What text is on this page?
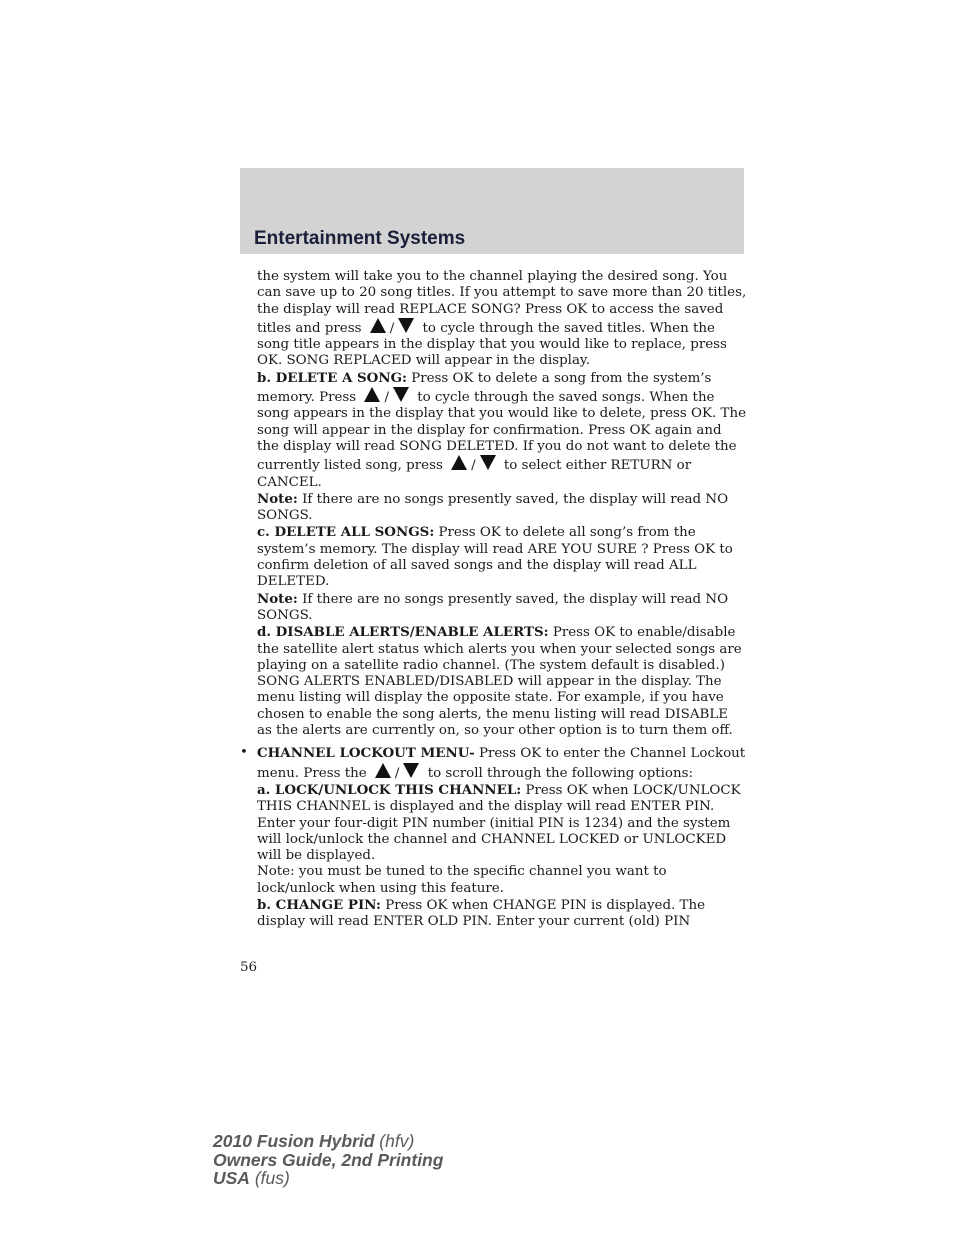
Entertainment Systems

the system will take you to the channel playing the desired song. You can save up to 20 song titles. If you attempt to save more than 20 titles, the display will read REPLACE SONG? Press OK to access the saved titles and press / to cycle through the saved titles. When the song title appears in the display that you would like to replace, press OK. SONG REPLACED will appear in the display.

b. DELETE A SONG: Press OK to delete a song from the system’s memory. Press / to cycle through the saved songs. When the song appears in the display that you would like to delete, press OK. The song will appear in the display for confirmation. Press OK again and the display will read SONG DELETED. If you do not want to delete the currently listed song, press / to select either RETURN or CANCEL.

Note: If there are no songs presently saved, the display will read NO SONGS.

c. DELETE ALL SONGS: Press OK to delete all song’s from the system’s memory. The display will read ARE YOU SURE ? Press OK to confirm deletion of all saved songs and the display will read ALL DELETED.

Note: If there are no songs presently saved, the display will read NO SONGS.

d. DISABLE ALERTS/ENABLE ALERTS: Press OK to enable/disable the satellite alert status which alerts you when your selected songs are playing on a satellite radio channel. (The system default is disabled.) SONG ALERTS ENABLED/DISABLED will appear in the display. The menu listing will display the opposite state. For example, if you have chosen to enable the song alerts, the menu listing will read DISABLE as the alerts are currently on, so your other option is to turn them off.

• CHANNEL LOCKOUT MENU- Press OK to enter the Channel Lockout menu. Press the / to scroll through the following options:

a. LOCK/UNLOCK THIS CHANNEL: Press OK when LOCK/UNLOCK THIS CHANNEL is displayed and the display will read ENTER PIN. Enter your four-digit PIN number (initial PIN is 1234) and the system will lock/unlock the channel and CHANNEL LOCKED or UNLOCKED will be displayed.

Note: you must be tuned to the specific channel you want to lock/unlock when using this feature.

b. CHANGE PIN: Press OK when CHANGE PIN is displayed. The display will read ENTER OLD PIN. Enter your current (old) PIN

56
2010 Fusion Hybrid (hfv)
Owners Guide, 2nd Printing
USA (fus)
